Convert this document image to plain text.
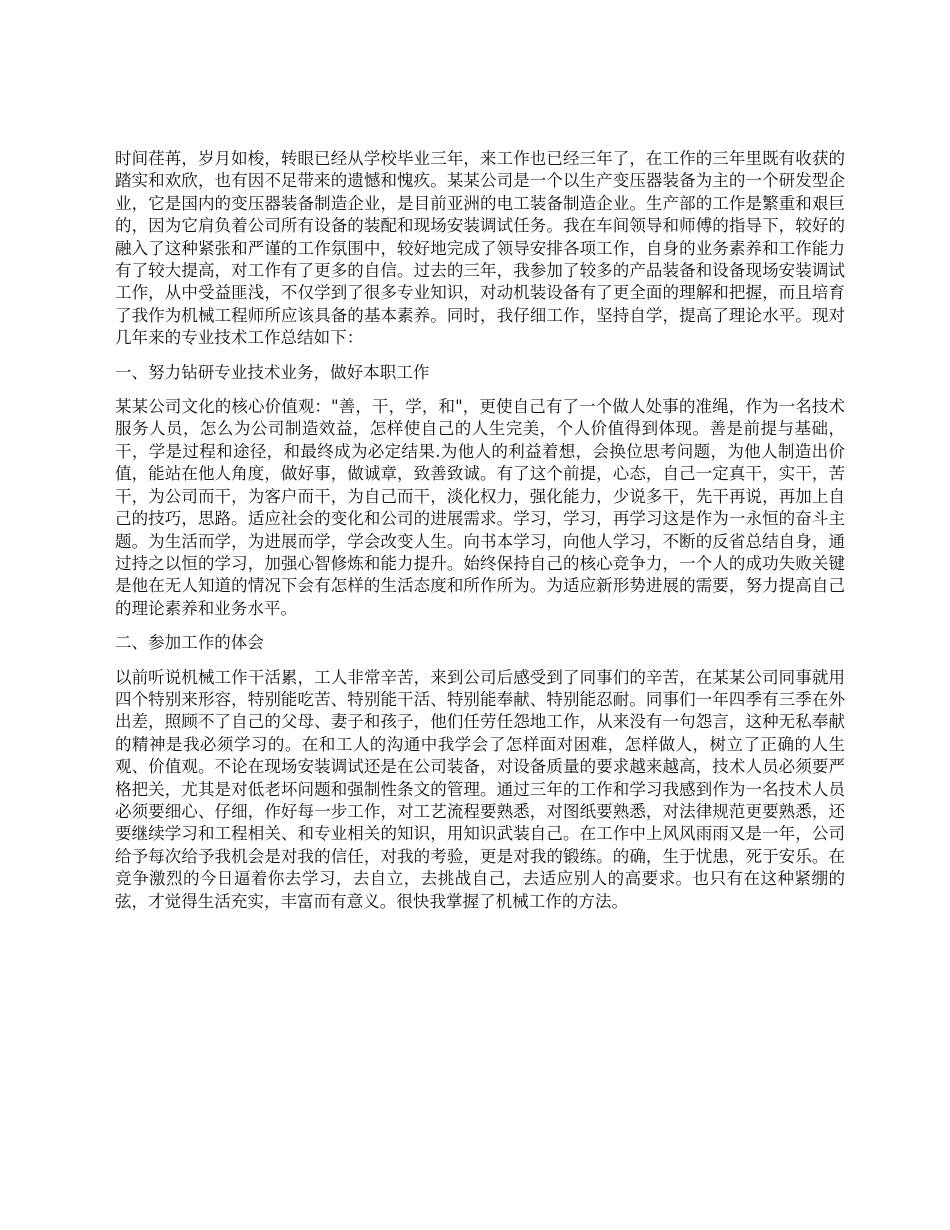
时间荏苒，岁月如梭，转眼已经从学校毕业三年，来工作也已经三年了，在工作的三年里既有收获的踏实和欢欣，也有因不足带来的遗憾和愧疚。某某公司是一个以生产变压器装备为主的一个研发型企业，它是国内的变压器装备制造企业，是目前亚洲的电工装备制造企业。生产部的工作是繁重和艰巨的，因为它肩负着公司所有设备的装配和现场安装调试任务。我在车间领导和师傅的指导下，较好的融入了这种紧张和严谨的工作氛围中，较好地完成了领导安排各项工作，自身的业务素养和工作能力有了较大提高，对工作有了更多的自信。过去的三年，我参加了较多的产品装备和设备现场安装调试工作，从中受益匪浅，不仅学到了很多专业知识，对动机装设备有了更全面的理解和把握，而且培育了我作为机械工程师所应该具备的基本素养。同时，我仔细工作，坚持自学，提高了理论水平。现对几年来的专业技术工作总结如下：

一、努力钻研专业技术业务，做好本职工作

某某公司文化的核心价值观："善，干，学，和"，更使自己有了一个做人处事的准绳，作为一名技术服务人员，怎么为公司制造效益，怎样使自己的人生完美，个人价值得到体现。善是前提与基础，干，学是过程和途径，和最终成为必定结果.为他人的利益着想，会换位思考问题，为他人制造出价值，能站在他人角度，做好事，做诚章，致善致诚。有了这个前提，心态，自己一定真干，实干，苦干，为公司而干，为客户而干，为自己而干，淡化权力，强化能力，少说多干，先干再说，再加上自己的技巧，思路。适应社会的变化和公司的进展需求。学习，学习，再学习这是作为一永恒的奋斗主题。为生活而学，为进展而学，学会改变人生。向书本学习，向他人学习，不断的反省总结自身，通过持之以恒的学习，加强心智修炼和能力提升。始终保持自己的核心竞争力，一个人的成功失败关键是他在无人知道的情况下会有怎样的生活态度和所作所为。为适应新形势进展的需要，努力提高自己的理论素养和业务水平。

二、参加工作的体会

以前听说机械工作干活累，工人非常辛苦，来到公司后感受到了同事们的辛苦，在某某公司同事就用四个特别来形容，特别能吃苦、特别能干活、特别能奉献、特别能忍耐。同事们一年四季有三季在外出差，照顾不了自己的父母、妻子和孩子，他们任劳任怨地工作，从来没有一句怨言，这种无私奉献的精神是我必须学习的。在和工人的沟通中我学会了怎样面对困难，怎样做人，树立了正确的人生观、价值观。不论在现场安装调试还是在公司装备，对设备质量的要求越来越高，技术人员必须要严格把关，尤其是对低老坏问题和强制性条文的管理。通过三年的工作和学习我感到作为一名技术人员必须要细心、仔细，作好每一步工作，对工艺流程要熟悉，对图纸要熟悉，对法律规范更要熟悉，还要继续学习和工程相关、和专业相关的知识，用知识武装自己。在工作中上风风雨雨又是一年，公司给予每次给予我机会是对我的信任，对我的考验，更是对我的锻练。的确，生于忧患，死于安乐。在竞争激烈的今日逼着你去学习，去自立，去挑战自己，去适应别人的高要求。也只有在这种紧绷的弦，才觉得生活充实，丰富而有意义。很快我掌握了机械工作的方法。
